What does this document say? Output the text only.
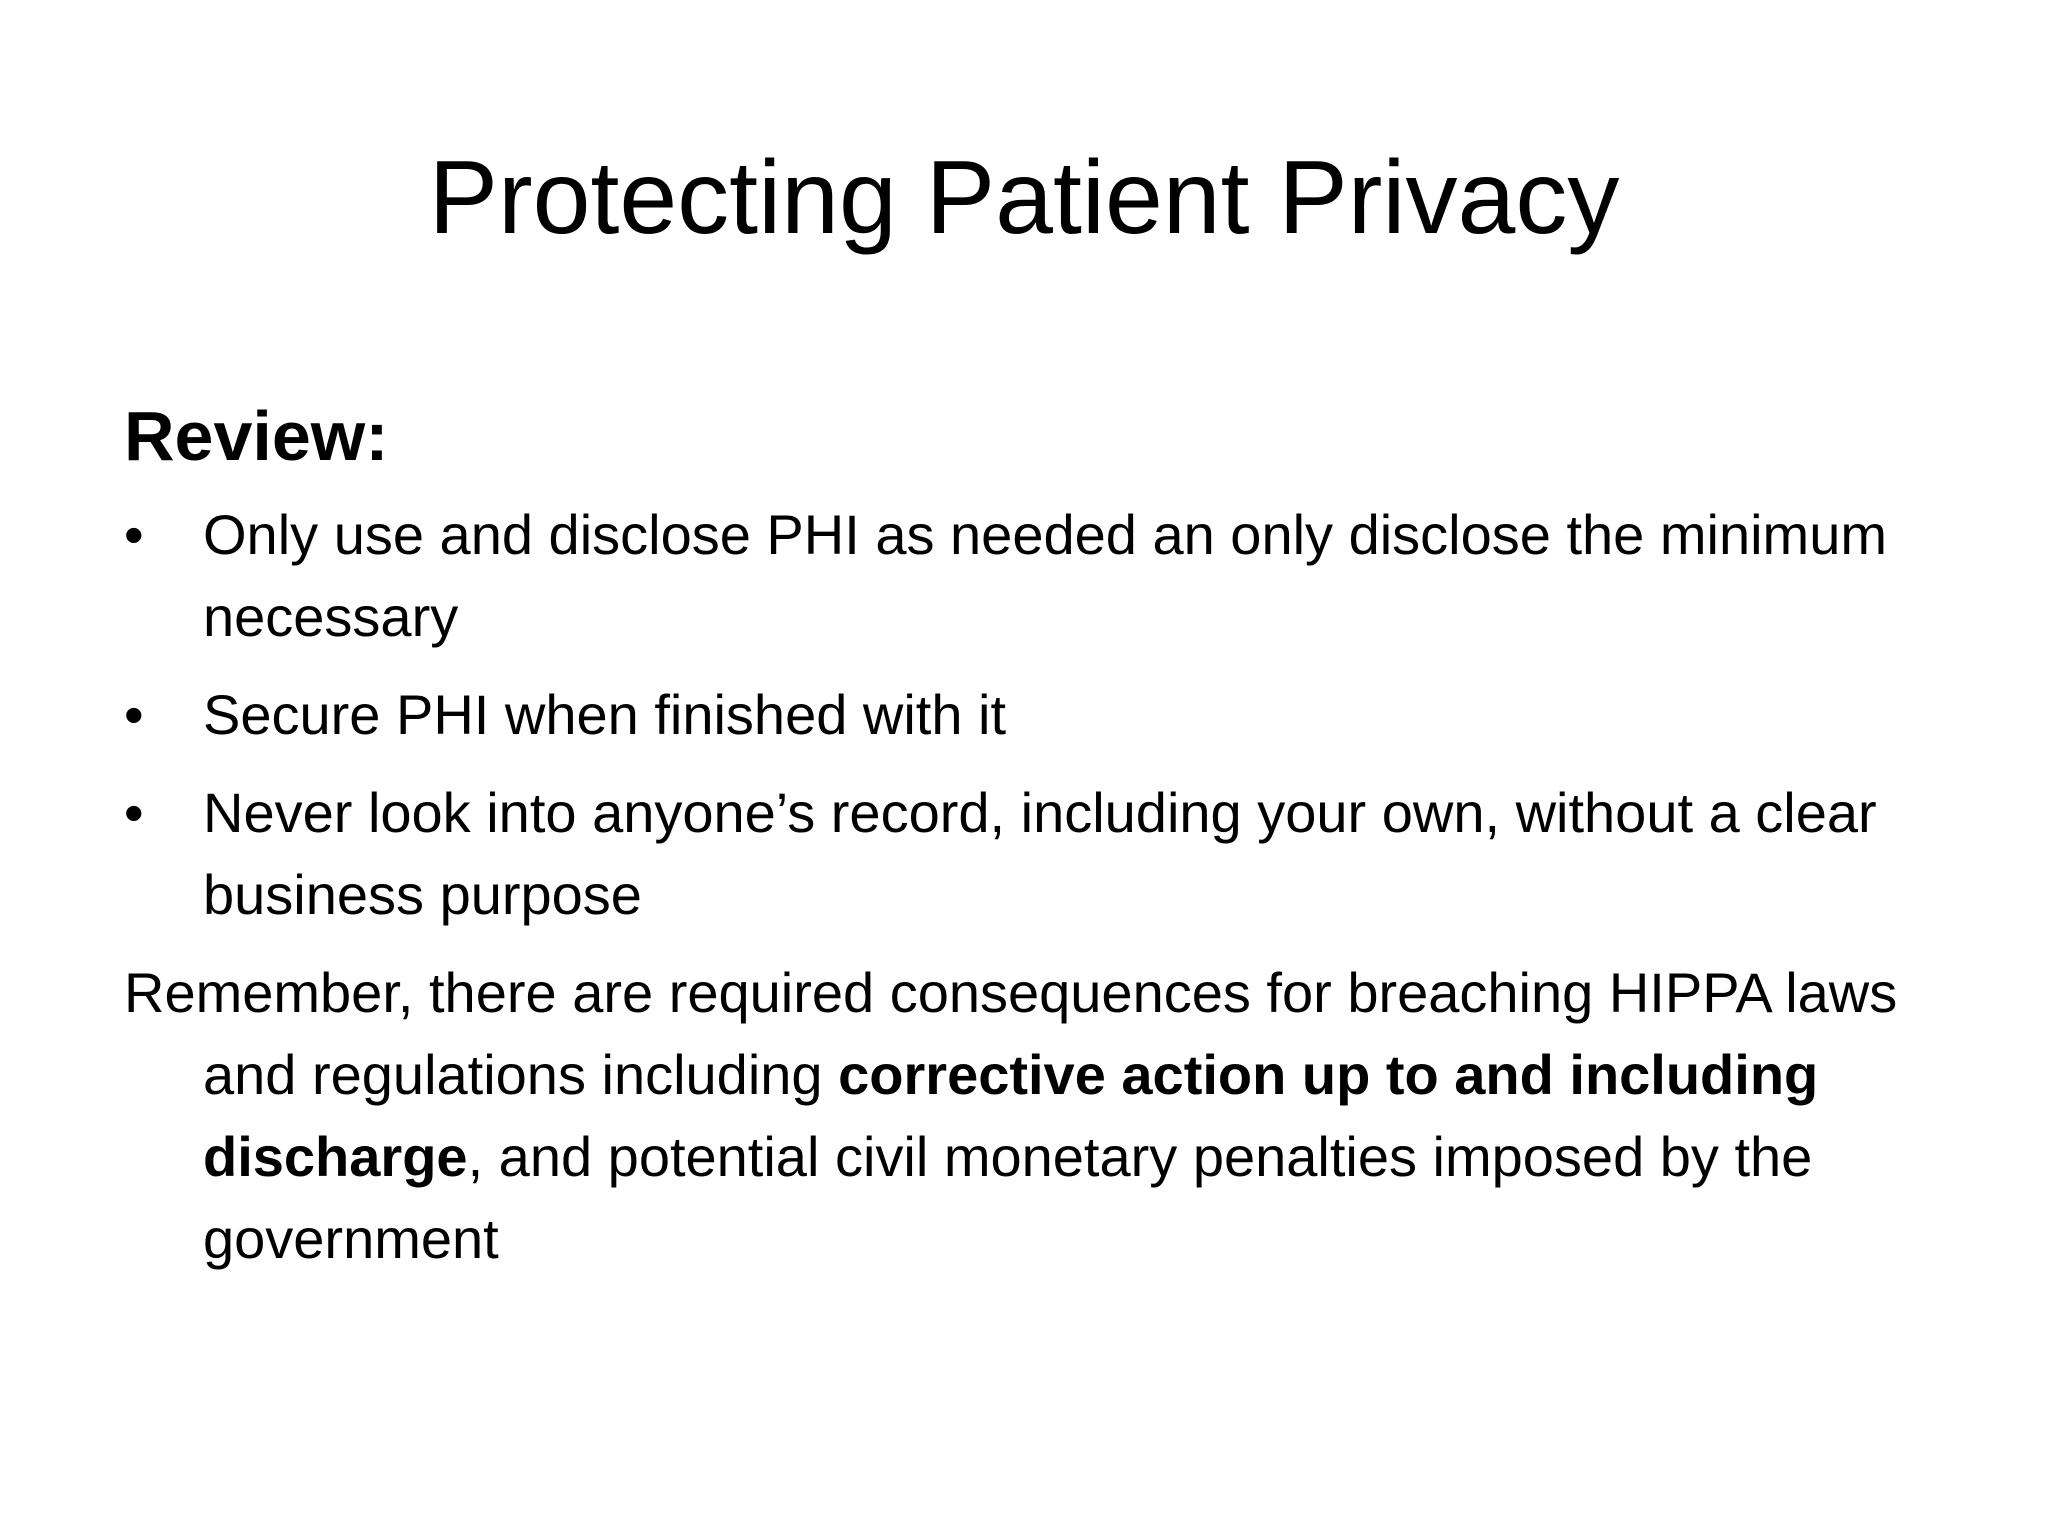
Protecting Patient Privacy
Review:
•	Only use and disclose PHI as needed an only disclose the minimum necessary
•	Secure PHI when finished with it
•	Never look into anyone’s record, including your own, without a clear business purpose

Remember, there are required consequences for breaching HIPPA laws and regulations including corrective action up to and including discharge, and potential civil monetary penalties imposed by the government
